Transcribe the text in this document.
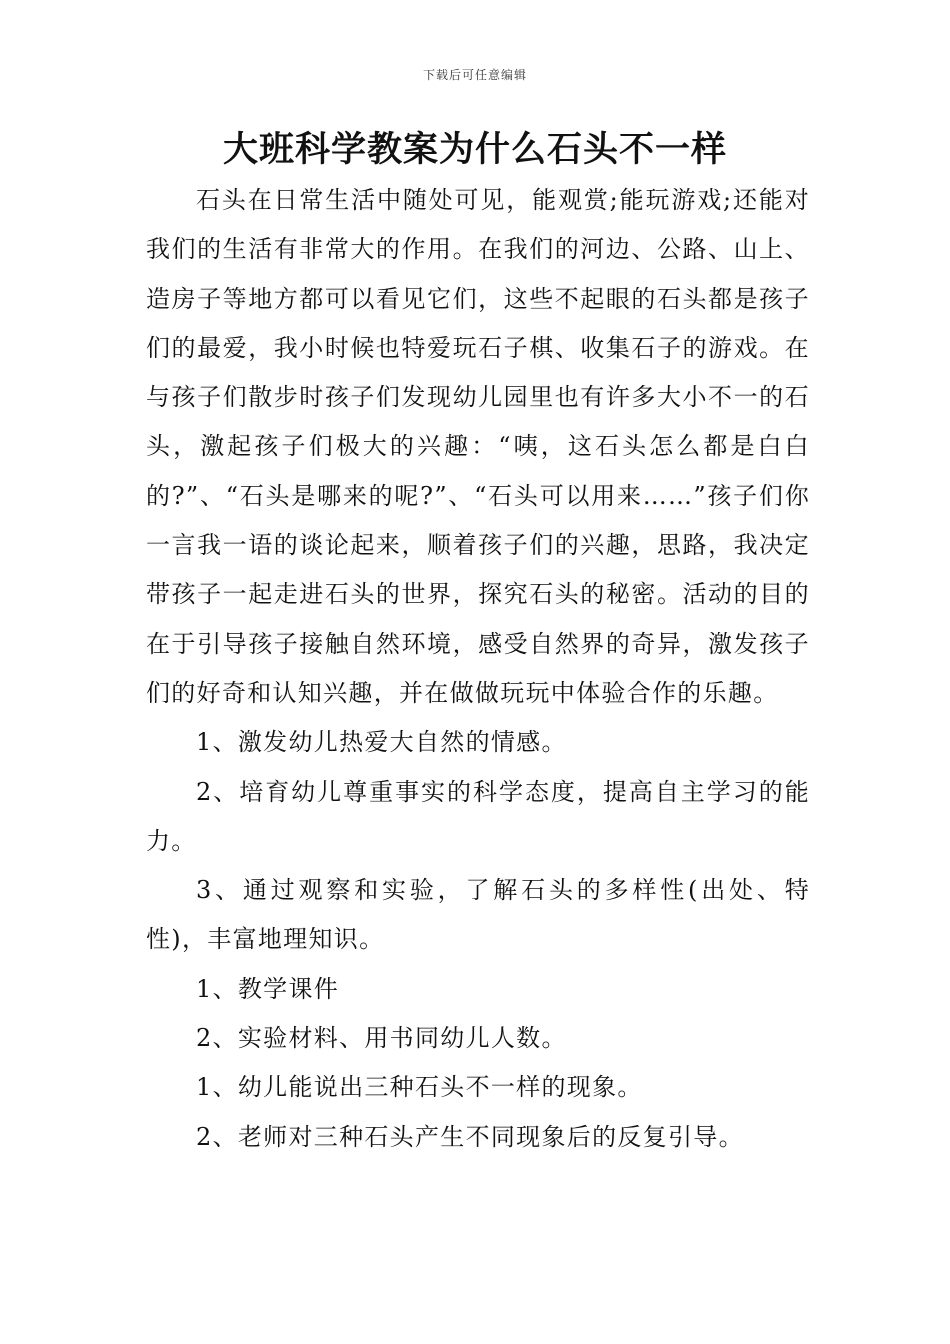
下载后可任意编辑
大班科学教案为什么石头不一样

石头在日常生活中随处可见，能观赏;能玩游戏;还能对我们的生活有非常大的作用。在我们的河边、公路、山上、造房子等地方都可以看见它们，这些不起眼的石头都是孩子们的最爱，我小时候也特爱玩石子棋、收集石子的游戏。在与孩子们散步时孩子们发现幼儿园里也有许多大小不一的石头，激起孩子们极大的兴趣：“咦，这石头怎么都是白白的?”、“石头是哪来的呢?”、“石头可以用来……”孩子们你一言我一语的谈论起来，顺着孩子们的兴趣，思路，我决定带孩子一起走进石头的世界，探究石头的秘密。活动的目的在于引导孩子接触自然环境，感受自然界的奇异，激发孩子们的好奇和认知兴趣，并在做做玩玩中体验合作的乐趣。

1、激发幼儿热爱大自然的情感。

2、培育幼儿尊重事实的科学态度，提高自主学习的能力。

3、通过观察和实验，了解石头的多样性(出处、特性)，丰富地理知识。

1、教学课件

2、实验材料、用书同幼儿人数。

1、幼儿能说出三种石头不一样的现象。

2、老师对三种石头产生不同现象后的反复引导。
